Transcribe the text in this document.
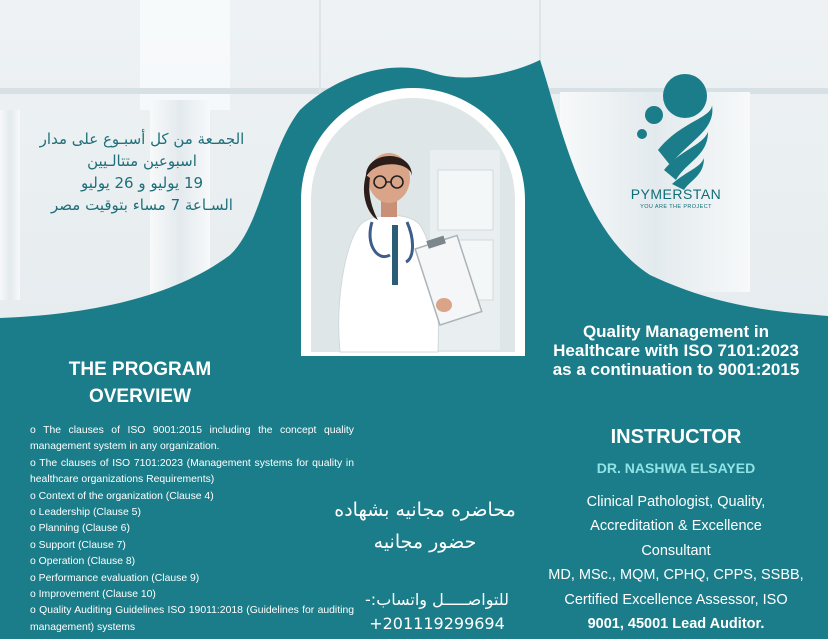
الجمـعة من كل أسبـوع على مدار
اسبوعين متتالـيين
19 يوليو و 26 يوليو
السـاعة 7 مساء بتوقيت مصر
PYMERSTAN
YOU ARE THE PROJECT
Quality Management in Healthcare with ISO 7101:2023 as a continuation to 9001:2015
INSTRUCTOR
DR. NASHWA ELSAYED
Clinical Pathologist, Quality,
Accreditation & Excellence
Consultant
MD, MSc., MQM, CPHQ, CPPS, SSBB,
Certified Excellence Assessor, ISO
9001, 45001 Lead Auditor.
THE PROGRAM
OVERVIEW
o The clauses of ISO 9001:2015 including the concept quality management system in any organization.
o The clauses of ISO 7101:2023 (Management systems for quality in healthcare organizations Requirements)
o Context of the organization (Clause 4)
o Leadership (Clause 5)
o Planning (Clause 6)
o Support (Clause 7)
o Operation (Clause 8)
o Performance evaluation (Clause 9)
o Improvement (Clause 10)
o Quality Auditing Guidelines ISO 19011:2018 (Guidelines for auditing management) systems
محاضره مجانيه بشهاده
حضور مجانيه
للتواصـــــل واتساب:-
+201119299694
